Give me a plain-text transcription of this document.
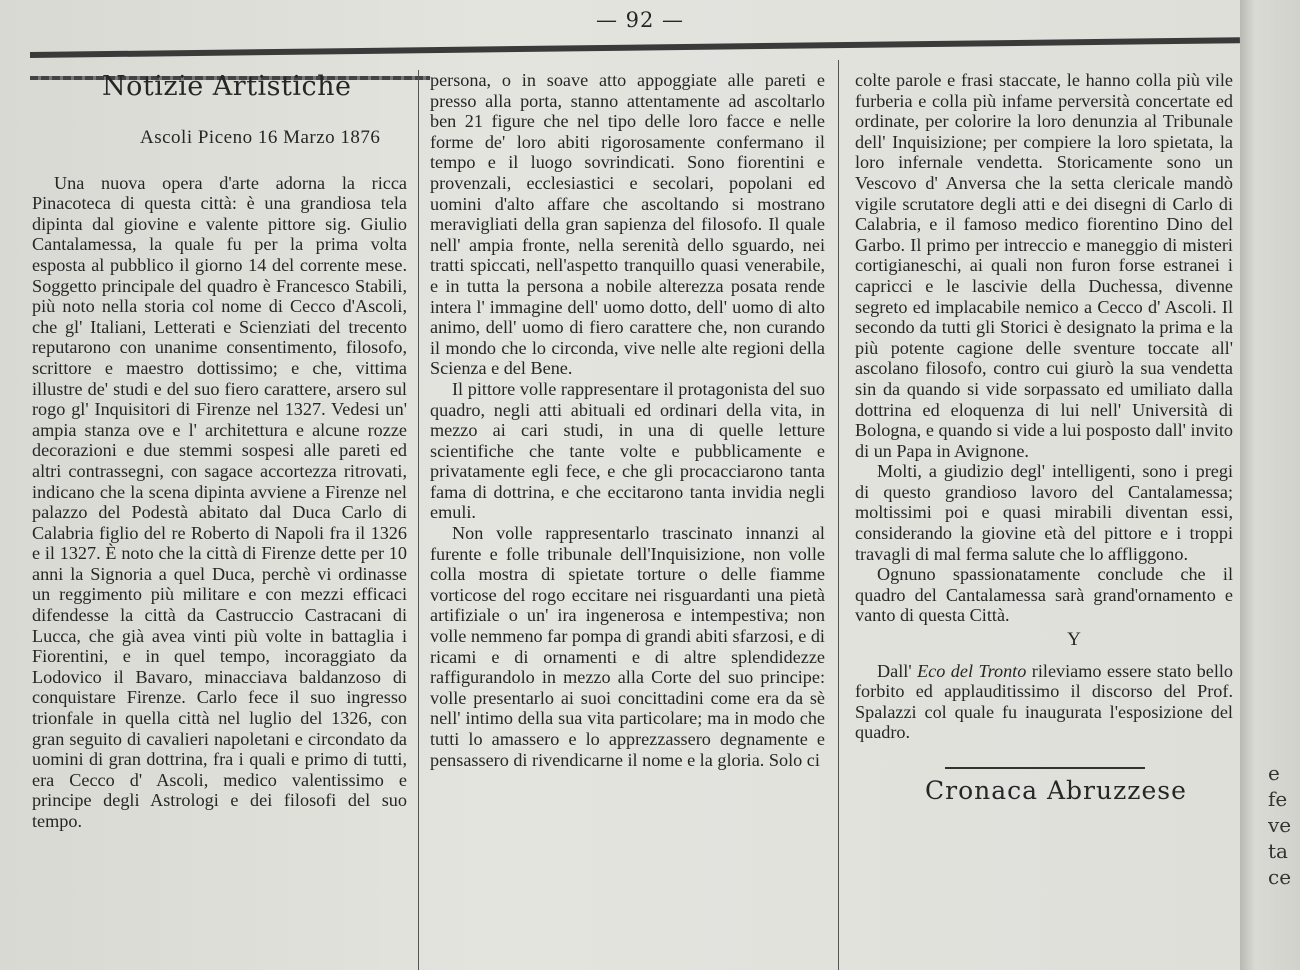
— 92 —
Notizie Artistiche
Ascoli Piceno 16 Marzo 1876

Una nuova opera d'arte adorna la ricca Pinacoteca di questa città: è una grandiosa tela dipinta dal giovine e valente pittore sig. Giulio Cantalamessa, la quale fu per la prima volta esposta al pubblico il giorno 14 del corrente mese. Soggetto principale del quadro è Francesco Stabili, più noto nella storia col nome di Cecco d'Ascoli, che gl' Italiani, Letterati e Scienziati del trecento reputarono con unanime consentimento, filosofo, scrittore e maestro dottissimo; e che, vittima illustre de' studi e del suo fiero carattere, arsero sul rogo gl' Inquisitori di Firenze nel 1327. Vedesi un' ampia stanza ove e l' architettura e alcune rozze decorazioni e due stemmi sospesi alle pareti ed altri contrassegni, con sagace accortezza ritrovati, indicano che la scena dipinta avviene a Firenze nel palazzo del Podestà abitato dal Duca Carlo di Calabria figlio del re Roberto di Napoli fra il 1326 e il 1327. È noto che la città di Firenze dette per 10 anni la Signoria a quel Duca, perchè vi ordinasse un reggimento più militare e con mezzi efficaci difendesse la città da Castruccio Castracani di Lucca, che già avea vinti più volte in battaglia i Fiorentini, e in quel tempo, incoraggiato da Lodovico il Bavaro, minacciava baldanzoso di conquistare Firenze. Carlo fece il suo ingresso trionfale in quella città nel luglio del 1326, con gran seguito di cavalieri napoletani e circondato da uomini di gran dottrina, fra i quali e primo di tutti, era Cecco d' Ascoli, medico valentissimo e principe degli Astrologi e dei filosofi del suo tempo.

persona, o in soave atto appoggiate alle pareti e presso alla porta, stanno attentamente ad ascoltarlo ben 21 figure che nel tipo delle loro facce e nelle forme de' loro abiti rigorosamente confermano il tempo e il luogo sovrindicati. Sono fiorentini e provenzali, ecclesiastici e secolari, popolani ed uomini d'alto affare che ascoltando si mostrano meravigliati della gran sapienza del filosofo. Il quale nell' ampia fronte, nella serenità dello sguardo, nei tratti spiccati, nell'aspetto tranquillo quasi venerabile, e in tutta la persona a nobile alterezza posata rende intera l' immagine dell' uomo dotto, dell' uomo di alto animo, dell' uomo di fiero carattere che, non curando il mondo che lo circonda, vive nelle alte regioni della Scienza e del Bene.

Il pittore volle rappresentare il protagonista del suo quadro, negli atti abituali ed ordinari della vita, in mezzo ai cari studi, in una di quelle letture scientifiche che tante volte e pubblicamente e privatamente egli fece, e che gli procacciarono tanta fama di dottrina, e che eccitarono tanta invidia negli emuli.

Non volle rappresentarlo trascinato innanzi al furente e folle tribunale dell'Inquisizione, non volle colla mostra di spietate torture o delle fiamme vorticose del rogo eccitare nei risguardanti una pietà artifiziale o un' ira ingenerosa e intempestiva; non volle nemmeno far pompa di grandi abiti sfarzosi, e di ricami e di ornamenti e di altre splendidezze raffigurandolo in mezzo alla Corte del suo principe: volle presentarlo ai suoi concittadini come era da sè nell' intimo della sua vita particolare; ma in modo che tutti lo amassero e lo apprezzassero degnamente e pensassero di rivendicarne il nome e la gloria. Solo ci

colte parole e frasi staccate, le hanno colla più vile furberia e colla più infame perversità concertate ed ordinate, per colorire la loro denunzia al Tribunale dell' Inquisizione; per compiere la loro spietata, la loro infernale vendetta. Storicamente sono un Vescovo d' Anversa che la setta clericale mandò vigile scrutatore degli atti e dei disegni di Carlo di Calabria, e il famoso medico fiorentino Dino del Garbo. Il primo per intreccio e maneggio di misteri cortigianeschi, ai quali non furon forse estranei i capricci e le lascivie della Duchessa, divenne segreto ed implacabile nemico a Cecco d' Ascoli. Il secondo da tutti gli Storici è designato la prima e la più potente cagione delle sventure toccate all' ascolano filosofo, contro cui giurò la sua vendetta sin da quando si vide sorpassato ed umiliato dalla dottrina ed eloquenza di lui nell' Università di Bologna, e quando si vide a lui posposto dall' invito di un Papa in Avignone.

Molti, a giudizio degl' intelligenti, sono i pregi di questo grandioso lavoro del Cantalamessa; moltissimi poi e quasi mirabili diventan essi, considerando la giovine età del pittore e i troppi travagli di mal ferma salute che lo affliggono.

Ognuno spassionatamente conclude che il quadro del Cantalamessa sarà grand'ornamento e vanto di questa Città.

Y

Dall' Eco del Tronto rileviamo essere stato bello forbito ed applauditissimo il discorso del Prof. Spalazzi col quale fu inaugurata l'esposizione del quadro.

Cronaca Abruzzese
e
fe
ve
ta
ce
